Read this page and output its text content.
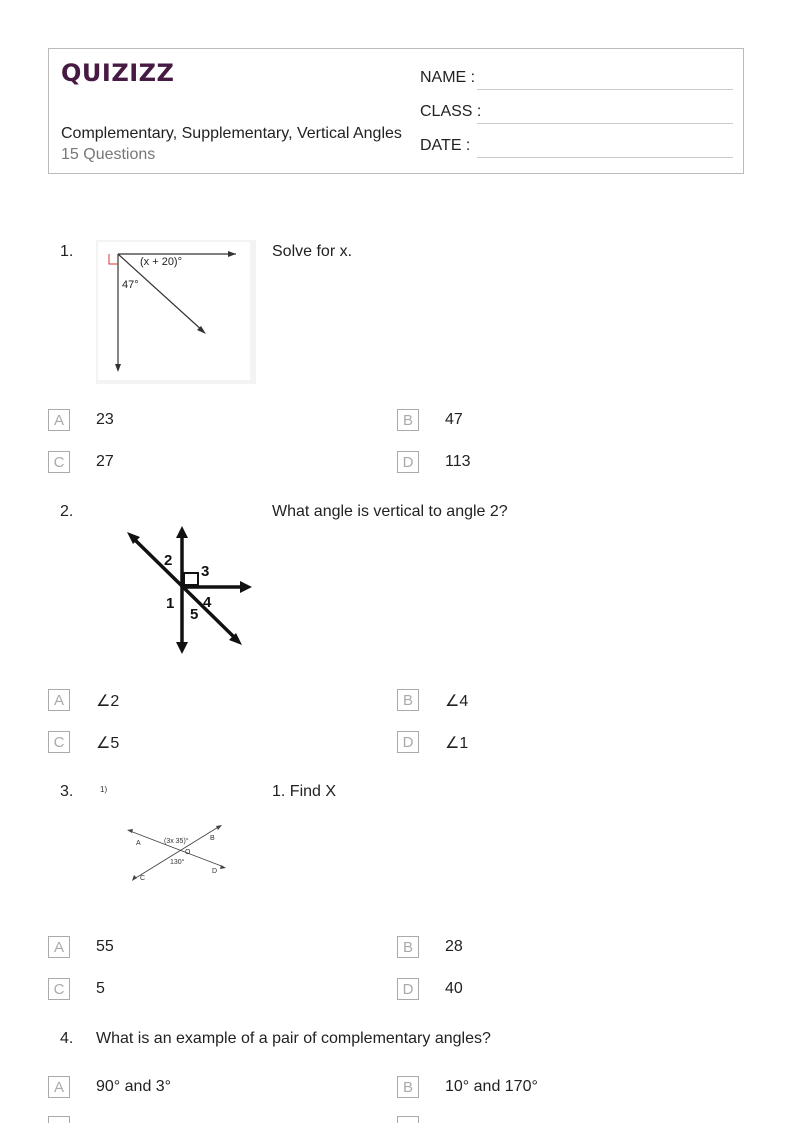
QUIZIZZ
Complementary, Supplementary, Vertical Angles
15 Questions
NAME :
CLASS :
DATE :
1.
(x + 20)°
47°
Solve for x.
A	23	B	47
C	27	D	113
2.
2
3
1 4
5
What angle is vertical to angle 2?
A	∠2	B	∠4
C	∠5	D	∠1
3.	1)
A
B
O
C
D
(3x 35)°
130°
1. Find X
A	55	B	28
C	5	D	40
4. What is an example of a pair of complementary angles?
A	90° and 3°	B	10° and 170°
